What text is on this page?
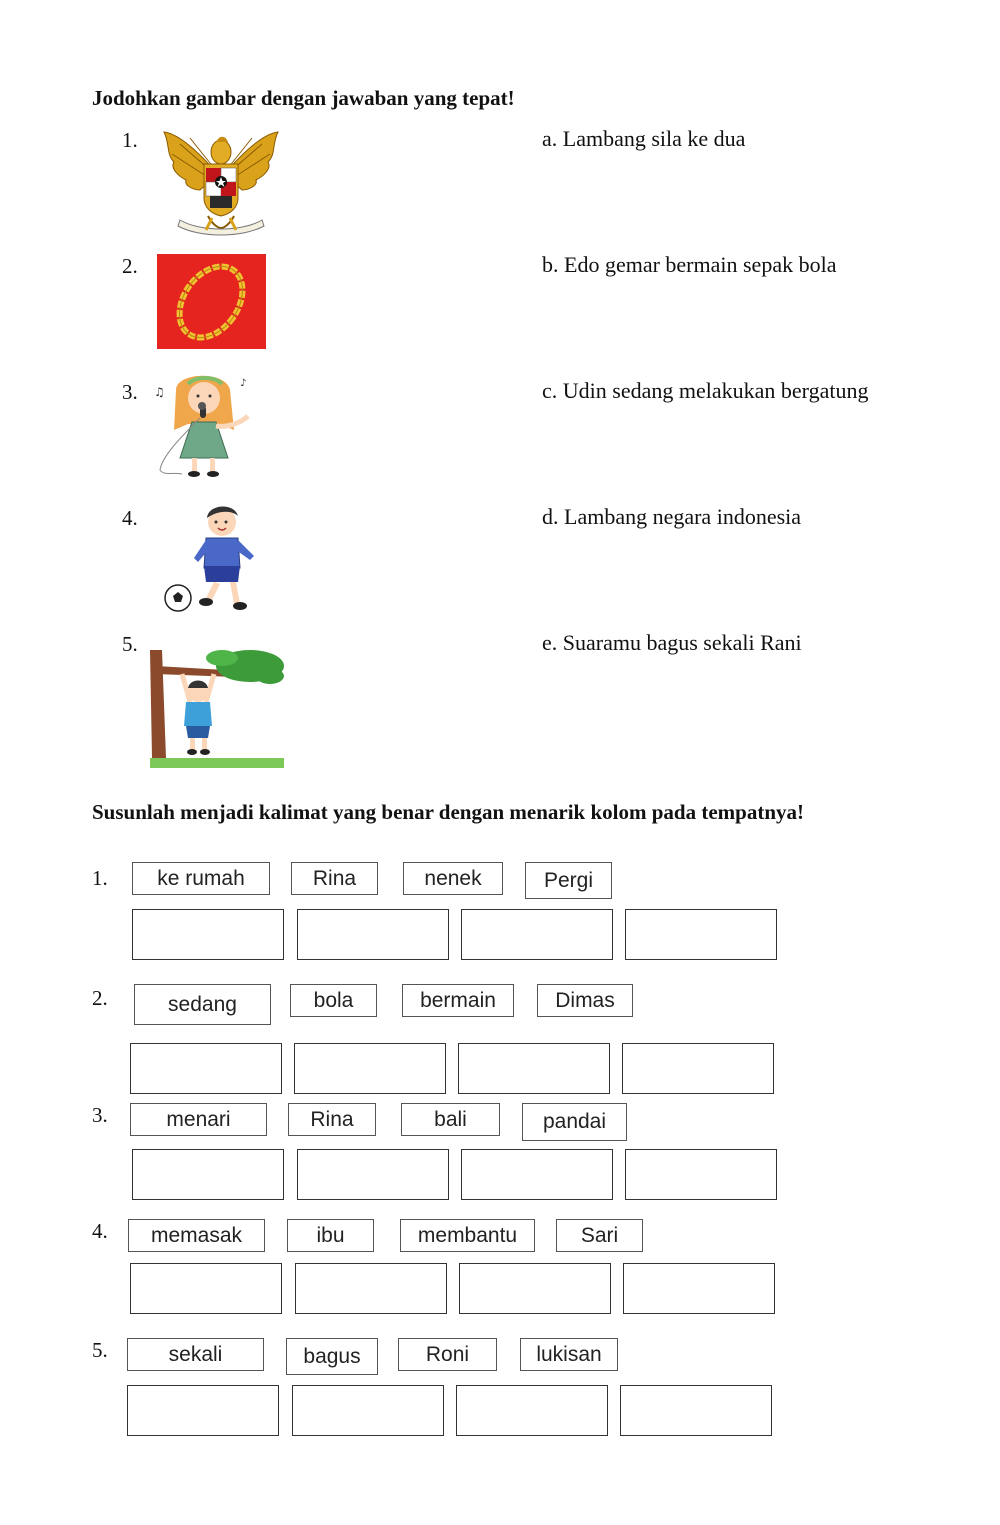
Jodohkan gambar dengan jawaban yang tepat!
1.
2.
3.
4.
5.
♫
♪
a. Lambang sila ke dua
b. Edo gemar bermain sepak bola
c. Udin sedang melakukan bergatung
d. Lambang negara indonesia
e. Suaramu bagus sekali Rani
Susunlah menjadi kalimat yang benar dengan menarik kolom pada tempatnya!
1.	ke rumah	Rina	nenek	Pergi
2.	sedang	bola	bermain	Dimas
3.	menari	Rina	bali	pandai
4.	memasak	ibu	membantu	Sari
5.	sekali	bagus	Roni	lukisan
